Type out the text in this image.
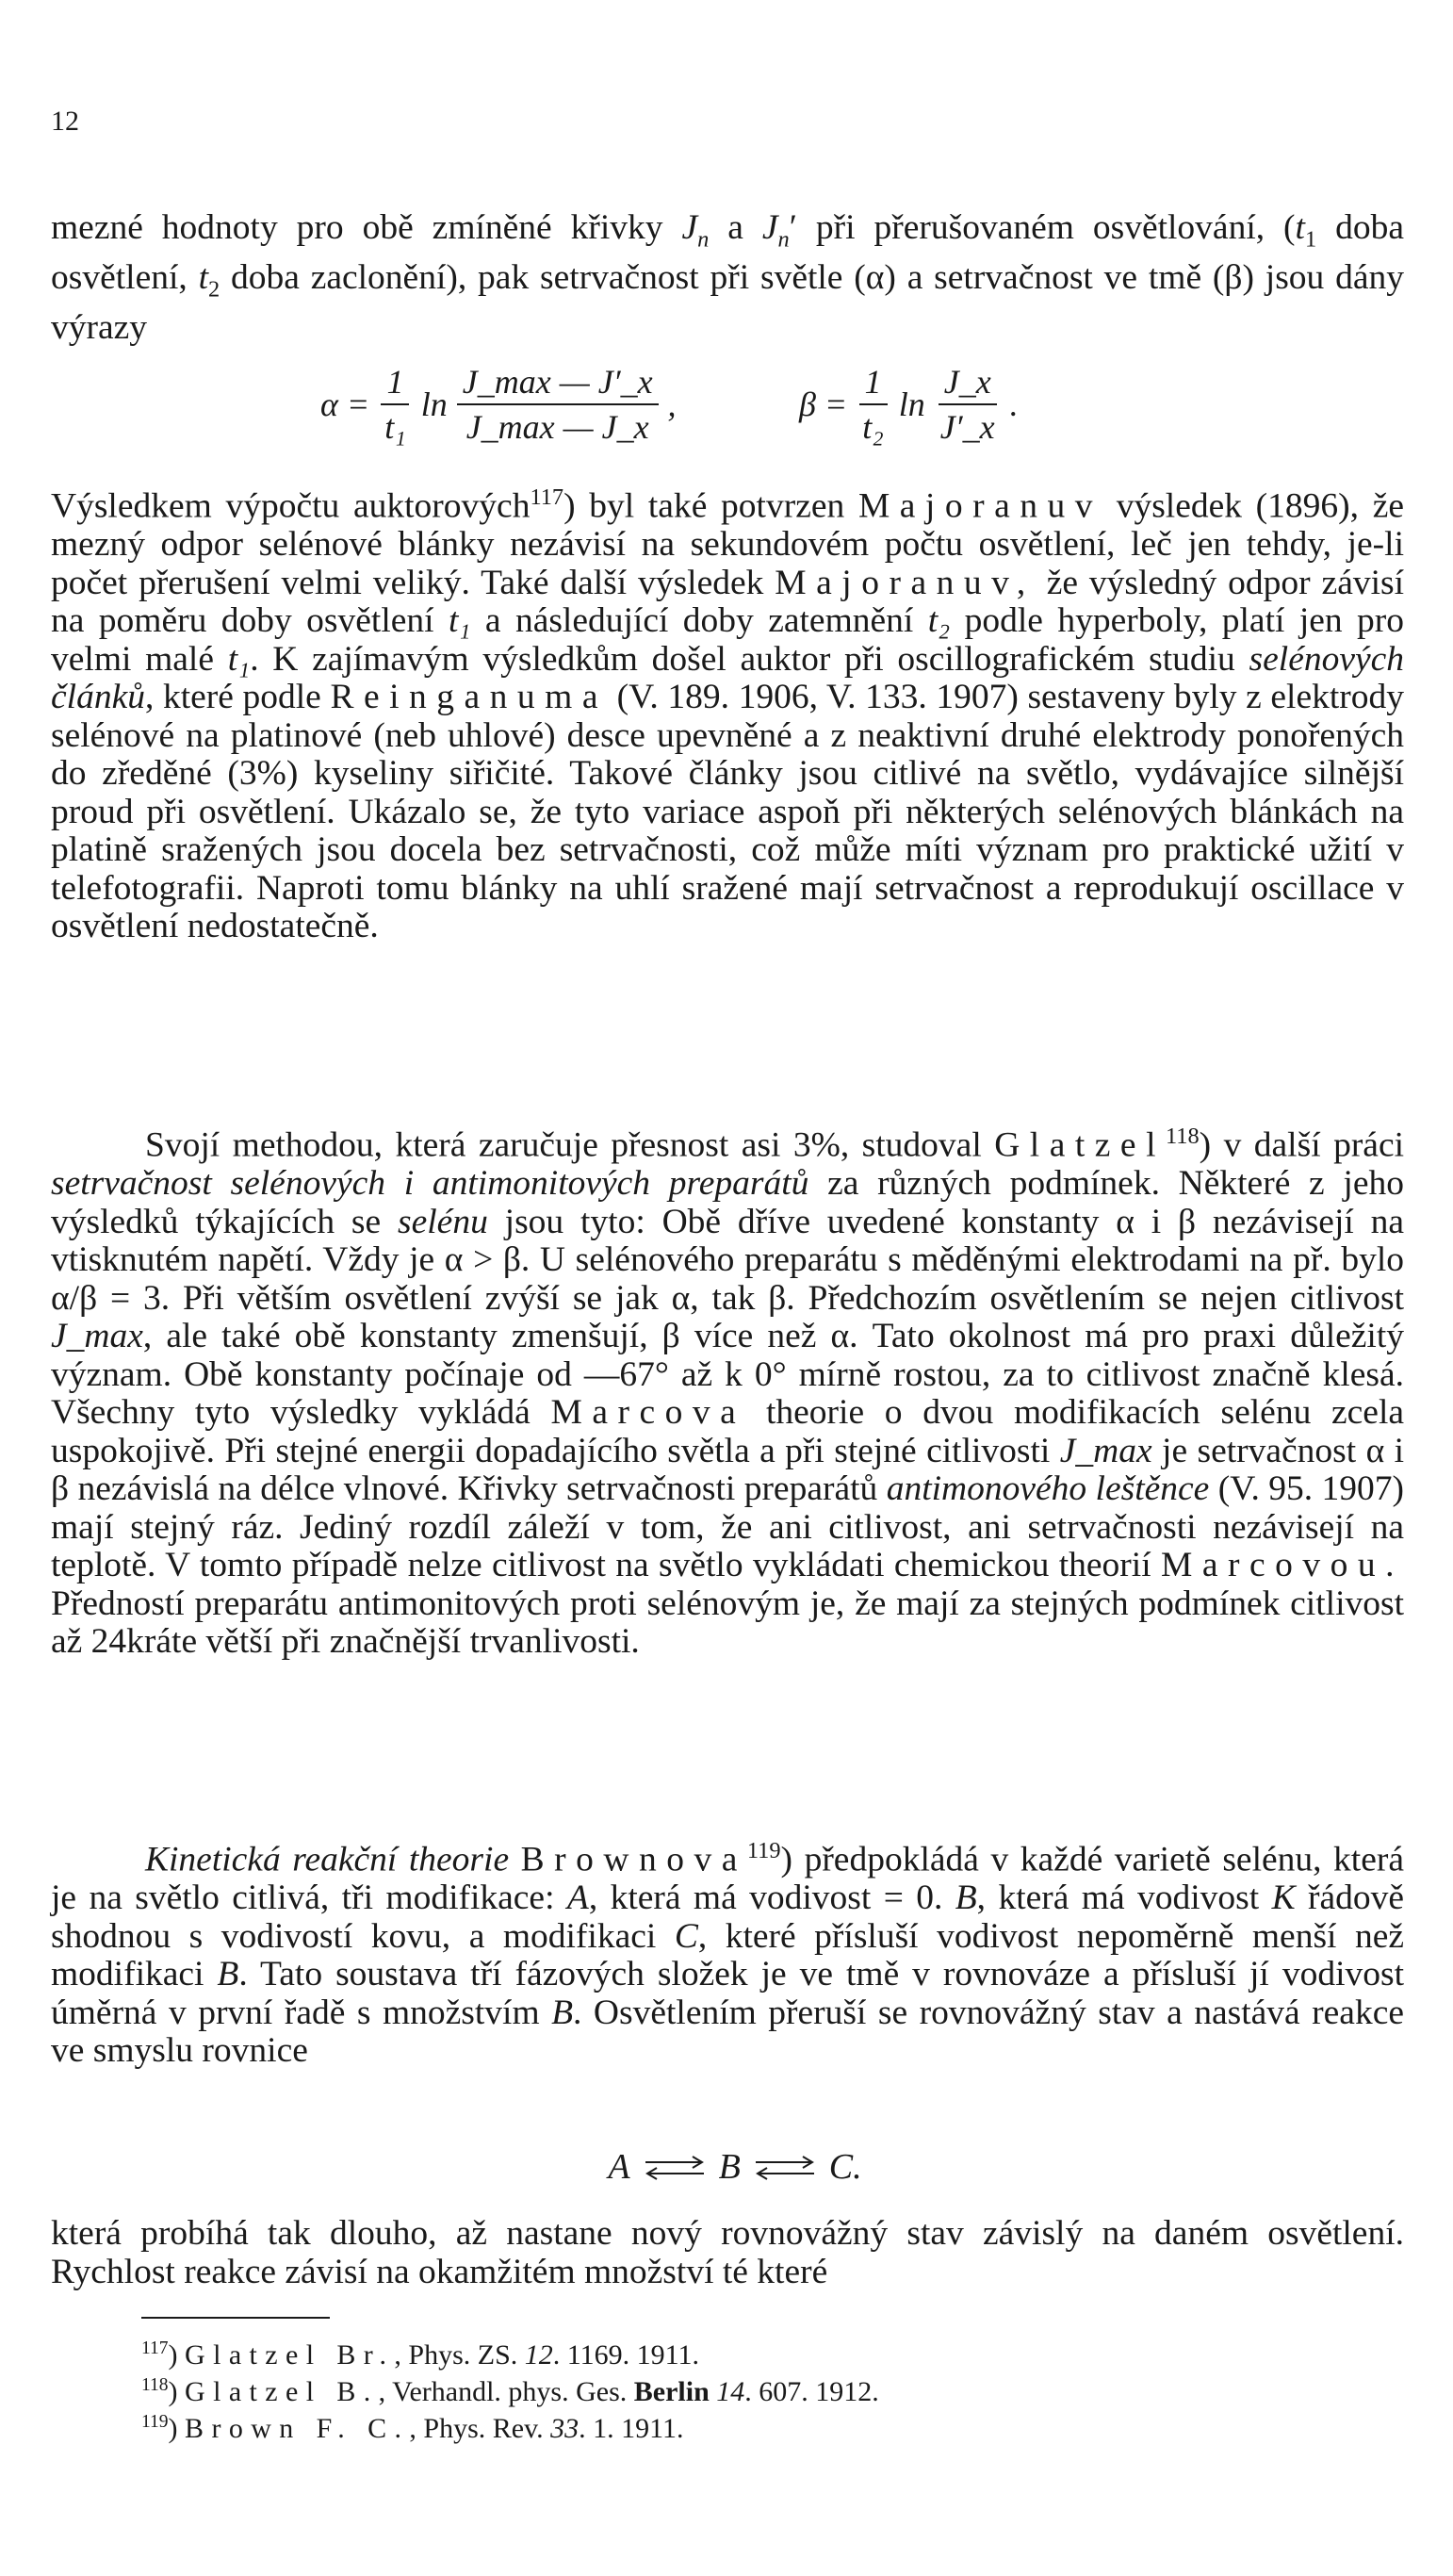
12

mezné hodnoty pro obě zmíněné křivky $J_n$ a $J_n'$ při přerušovaném osvětlování, ($t_1$ doba osvětlení, $t_2$ doba zaclonění), pak setrvačnost při světle (α) a setrvačnost ve tmě (β) jsou dány výrazy

$\alpha = \frac{1}{\text{t₁}}$ $\ln \frac{J\_\max — J'\_x}{J\_\max — J\_x}$ ,	$\beta = \frac{1}{\text{t₂}}$ $\ln \frac{J\_x}{J'\_x}$ .

Výsledkem výpočtu auktorových$^{117}$) byl také potvrzen Majoranuv výsledek (1896), že mezný odpor selénové blánky nezávisí na sekundovém počtu osvětlení, leč jen tehdy, je-li počet přerušení velmi veliký. Také další výsledek Majoranuv, že výsledný odpor závisí na poměru doby osvětlení t₁ a následující doby zatemnění t₂ podle hyperboly, platí jen pro velmi malé t₁. K zajímavým výsledkům došel auktor při oscillografickém studiu selénových článků, které podle Reinganuma (V. 189. 1906, V. 133. 1907) sestaveny byly z elektrody selénové na platinové (neb uhlové) desce upevněné a z neaktivní druhé elektrody ponořených do zředěné (3%) kyseliny siřičité. Takové články jsou citlivé na světlo, vydávajíce silnější proud při osvětlení. Ukázalo se, že tyto variace aspoň při některých selénových blánkách na platině sražených jsou docela bez setrvačnosti, což může míti význam pro praktické užití v telefotografii. Naproti tomu blánky na uhlí sražené mají setrvačnost a reprodukují oscillace v osvětlení nedostatečně.

Svojí methodou, která zaručuje přesnost asi 3%, studoval Glatzel$^{118}$) v další práci setrvačnost selénových i antimonitových preparátů za různých podmínek. Některé z jeho výsledků týkajících se selénu jsou tyto: Obě dříve uvedené konstanty α i β nezávisejí na vtisknutém napětí. Vždy je α > β. U selénového preparátu s měděnými elektrodami na př. bylo α/β = 3. Při větším osvětlení zvýší se jak α, tak β. Předchozím osvětlením se nejen citlivost J_max, ale také obě konstanty zmenšují, β více než α. Tato okolnost má pro praxi důležitý význam. Obě konstanty počínaje od —67° až k 0° mírně rostou, za to citlivost značně klesá. Všechny tyto výsledky vykládá Marcova theorie o dvou modifikacích selénu zcela uspokojivě. Při stejné energii dopadajícího světla a při stejné citlivosti J_max je setrvačnost α i β nezávislá na délce vlnové. Křivky setrvačnosti preparátů antimonového leštěnce (V. 95. 1907) mají stejný ráz. Jediný rozdíl záleží v tom, že ani citlivost, ani setrvačnosti nezávisejí na teplotě. V tomto případě nelze citlivost na světlo vykládati chemickou theorií Marcovou. Předností preparátu antimonitových proti selénovým je, že mají za stejných podmínek citlivost až 24kráte větší při značnější trvanlivosti.

Kinetická reakční theorie Brownova$^{119}$) předpokládá v každé varietě selénu, která je na světlo citlivá, tři modifikace: A, která má vodivost = 0. B, která má vodivost K řádově shodnou s vodivostí kovu, a modifikaci C, které přísluší vodivost nepoměrně menší než modifikaci B. Tato soustava tří fázových složek je ve tmě v rovnováze a přísluší jí vodivost úměrná v první řadě s množstvím B. Osvětlením přeruší se rovnovážný stav a nastává reakce ve smyslu rovnice

A ⇌ B ⇌ C.

která probíhá tak dlouho, až nastane nový rovnovážný stav závislý na daném osvětlení. Rychlost reakce závisí na okamžitém množství té které

$^{117}$) Glatzel Br., Phys. ZS. 12. 1169. 1911.
$^{118}$) Glatzel B., Verhandl. phys. Ges. Berlin 14. 607. 1912.
$^{119}$) Brown F. C., Phys. Rev. 33. 1. 1911.
